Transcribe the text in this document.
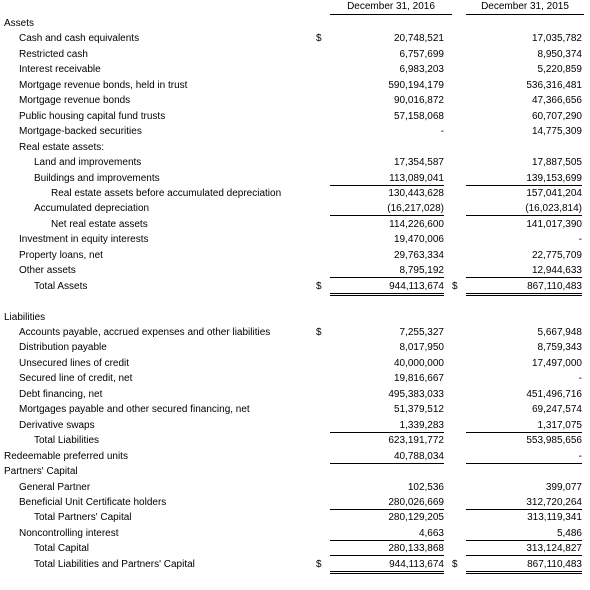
December 31, 2016	December 31, 2015
Assets
Cash and cash equivalents	$	20,748,521	17,035,782
Restricted cash	6,757,699	8,950,374
Interest receivable	6,983,203	5,220,859
Mortgage revenue bonds, held in trust	590,194,179	536,316,481
Mortgage revenue bonds	90,016,872	47,366,656
Public housing capital fund trusts	57,158,068	60,707,290
Mortgage-backed securities	-	14,775,309
Real estate assets:
Land and improvements	17,354,587	17,887,505
Buildings and improvements	113,089,041	139,153,699
Real estate assets before accumulated depreciation	130,443,628	157,041,204
Accumulated depreciation	(16,217,028)	(16,023,814)
Net real estate assets	114,226,600	141,017,390
Investment in equity interests	19,470,006	-
Property loans, net	29,763,334	22,775,709
Other assets	8,795,192	12,944,633
Total Assets	$	944,113,674 $	867,110,483
Liabilities
Accounts payable, accrued expenses and other liabilities	$	7,255,327	5,667,948
Distribution payable	8,017,950	8,759,343
Unsecured lines of credit	40,000,000	17,497,000
Secured line of credit, net	19,816,667	-
Debt financing, net	495,383,033	451,496,716
Mortgages payable and other secured financing, net	51,379,512	69,247,574
Derivative swaps	1,339,283	1,317,075
Total Liabilities	623,191,772	553,985,656
Redeemable preferred units	40,788,034	-
Partners' Capital
General Partner	102,536	399,077
Beneficial Unit Certificate holders	280,026,669	312,720,264
Total Partners' Capital	280,129,205	313,119,341
Noncontrolling interest	4,663	5,486
Total Capital	280,133,868	313,124,827
Total Liabilities and Partners' Capital	$	944,113,674 $	867,110,483
